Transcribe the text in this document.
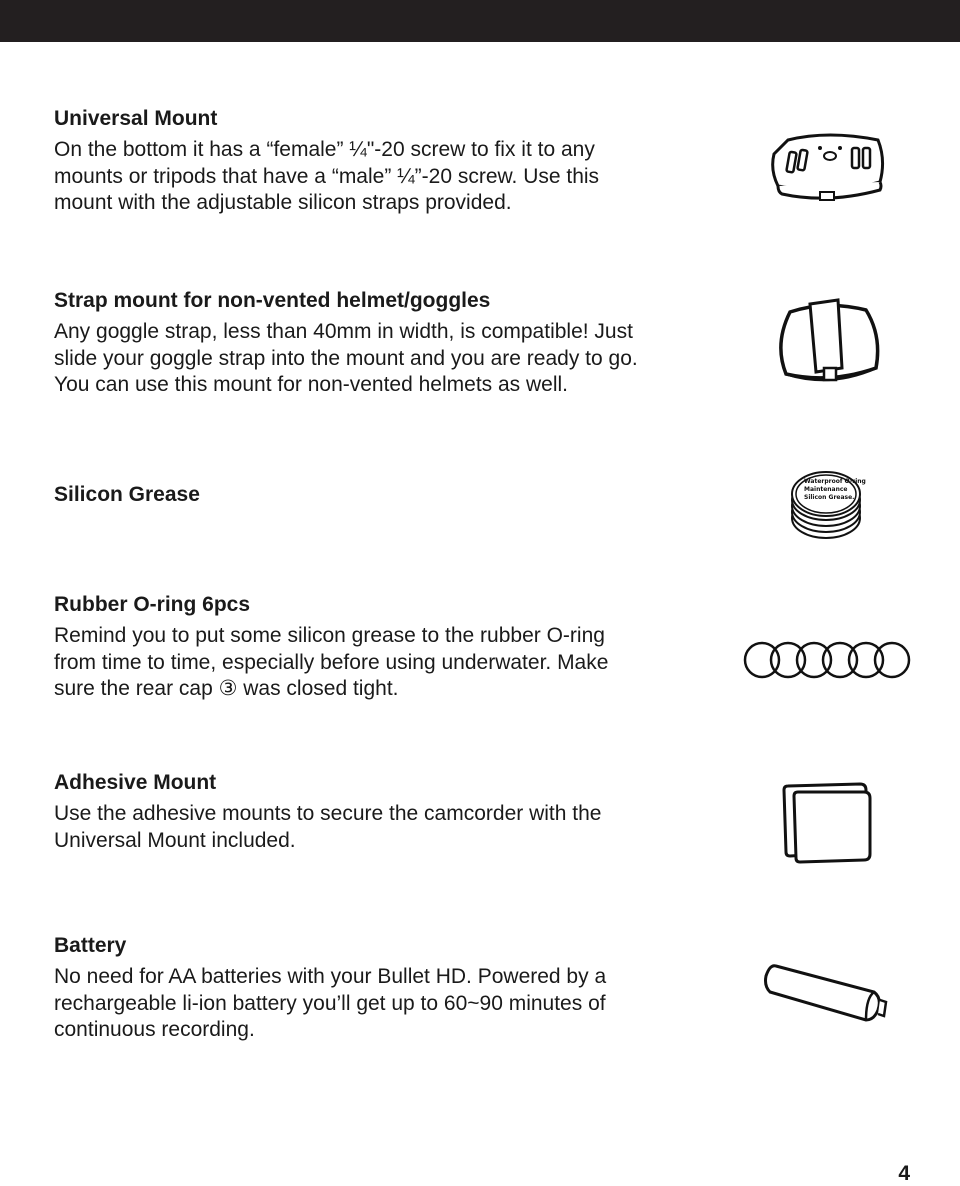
Universal Mount

On the bottom it has a “female” ¼"-20 screw to fix it to any
mounts or tripods that have a “male” ¼”-20 screw. Use this
mount with the adjustable silicon straps provided.

Strap mount for non-vented helmet/goggles

Any goggle strap, less than 40mm in width, is compatible! Just
slide your goggle strap into the mount and you are ready to go.
You can use this mount for non-vented helmets as well.

Silicon Grease

Waterproof O-ring
Maintenance
Silicon Grease.

Rubber O-ring 6pcs

Remind you to put some silicon grease to the rubber O-ring
from time to time, especially before using underwater. Make
sure the rear cap ③ was closed tight.

Adhesive Mount

Use the adhesive mounts to secure the camcorder with the
Universal Mount included.

Battery

No need for AA batteries with your Bullet HD. Powered by a
rechargeable li-ion battery you’ll get up to 60~90 minutes of
continuous recording.

4
